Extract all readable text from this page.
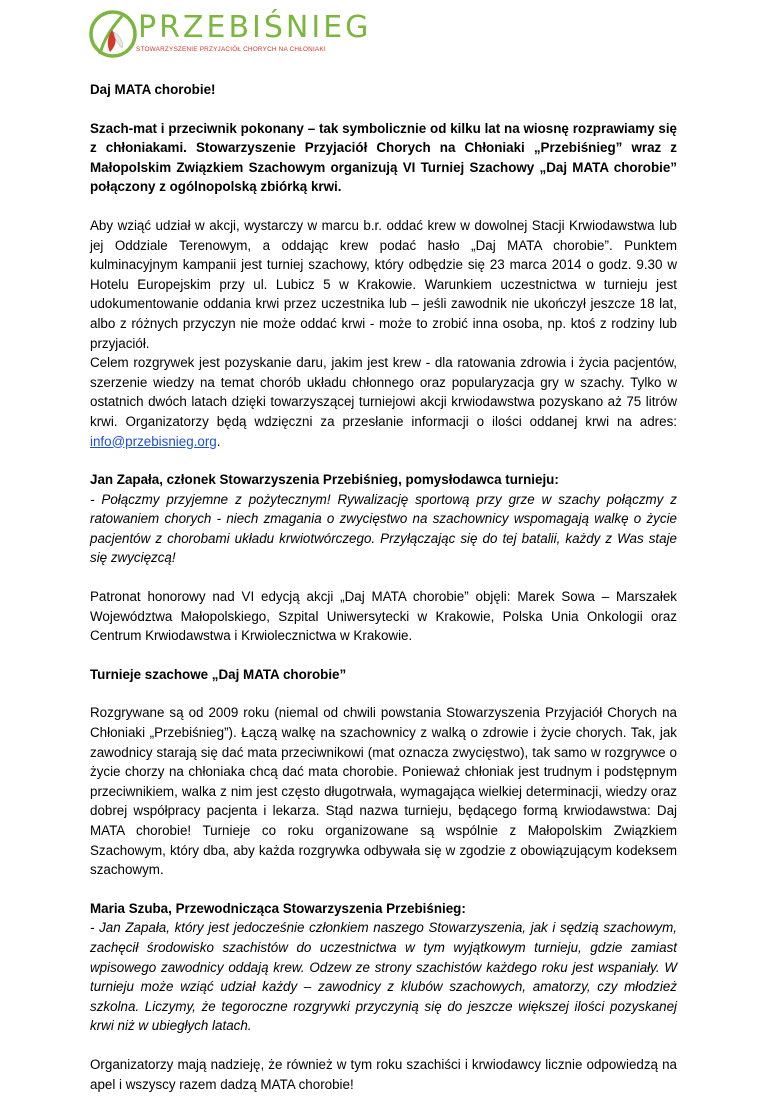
PRZEBIŚNIEG
STOWARZYSZENIE PRZYJACIÓŁ CHORYCH NA CHŁONIAKI

Daj MATA chorobie!

Szach-mat i przeciwnik pokonany – tak symbolicznie od kilku lat na wiosnę rozprawiamy się z chłoniakami. Stowarzyszenie Przyjaciół Chorych na Chłoniaki „Przebiśnieg” wraz z Małopolskim Związkiem Szachowym organizują VI Turniej Szachowy „Daj MATA chorobie” połączony z ogólnopolską zbiórką krwi.

Aby wziąć udział w akcji, wystarczy w marcu b.r. oddać krew w dowolnej Stacji Krwiodawstwa lub jej Oddziale Terenowym, a oddając krew podać hasło „Daj MATA chorobie”. Punktem kulminacyjnym kampanii jest turniej szachowy, który odbędzie się 23 marca 2014 o godz. 9.30 w Hotelu Europejskim przy ul. Lubicz 5 w Krakowie. Warunkiem uczestnictwa w turnieju jest udokumentowanie oddania krwi przez uczestnika lub – jeśli zawodnik nie ukończył jeszcze 18 lat, albo z różnych przyczyn nie może oddać krwi - może to zrobić inna osoba, np. ktoś z rodziny lub przyjaciół.

Celem rozgrywek jest pozyskanie daru, jakim jest krew - dla ratowania zdrowia i życia pacjentów, szerzenie wiedzy na temat chorób układu chłonnego oraz popularyzacja gry w szachy. Tylko w ostatnich dwóch latach dzięki towarzyszącej turniejowi akcji krwiodawstwa pozyskano aż 75 litrów krwi. Organizatorzy będą wdzięczni za przesłanie informacji o ilości oddanej krwi na adres: info@przebisnieg.org.

Jan Zapała, członek Stowarzyszenia Przebiśnieg, pomysłodawca turnieju:
- Połączmy przyjemne z pożytecznym! Rywalizację sportową przy grze w szachy połączmy z ratowaniem chorych - niech zmagania o zwycięstwo na szachownicy wspomagają walkę o życie pacjentów z chorobami układu krwiotwórczego. Przyłączając się do tej batalii, każdy z Was staje się zwycięzcą!

Patronat honorowy nad VI edycją akcji „Daj MATA chorobie” objęli: Marek Sowa – Marszałek Województwa Małopolskiego, Szpital Uniwersytecki w Krakowie, Polska Unia Onkologii oraz Centrum Krwiodawstwa i Krwiolecznictwa w Krakowie.

Turnieje szachowe „Daj MATA chorobie”

Rozgrywane są od 2009 roku (niemal od chwili powstania Stowarzyszenia Przyjaciół Chorych na Chłoniaki „Przebiśnieg”). Łączą walkę na szachownicy z walką o zdrowie i życie chorych. Tak, jak zawodnicy starają się dać mata przeciwnikowi (mat oznacza zwycięstwo), tak samo w rozgrywce o życie chorzy na chłoniaka chcą dać mata chorobie. Ponieważ chłoniak jest trudnym i podstępnym przeciwnikiem, walka z nim jest często długotrwała, wymagająca wielkiej determinacji, wiedzy oraz dobrej współpracy pacjenta i lekarza. Stąd nazwa turnieju, będącego formą krwiodawstwa: Daj MATA chorobie! Turnieje co roku organizowane są wspólnie z Małopolskim Związkiem Szachowym, który dba, aby każda rozgrywka odbywała się w zgodzie z obowiązującym kodeksem szachowym.

Maria Szuba, Przewodnicząca Stowarzyszenia Przebiśnieg:
- Jan Zapała, który jest jedocześnie członkiem naszego Stowarzyszenia, jak i sędzią szachowym, zachęcił środowisko szachistów do uczestnictwa w tym wyjątkowym turnieju, gdzie zamiast wpisowego zawodnicy oddają krew. Odzew ze strony szachistów każdego roku jest wspaniały. W turnieju może wziąć udział każdy – zawodnicy z klubów szachowych, amatorzy, czy młodzież szkolna. Liczymy, że tegoroczne rozgrywki przyczynią się do jeszcze większej ilości pozyskanej krwi niż w ubiegłych latach.

Organizatorzy mają nadzieję, że również w tym roku szachiści i krwiodawcy licznie odpowiedzą na apel i wszyscy razem dadzą MATA chorobie!
